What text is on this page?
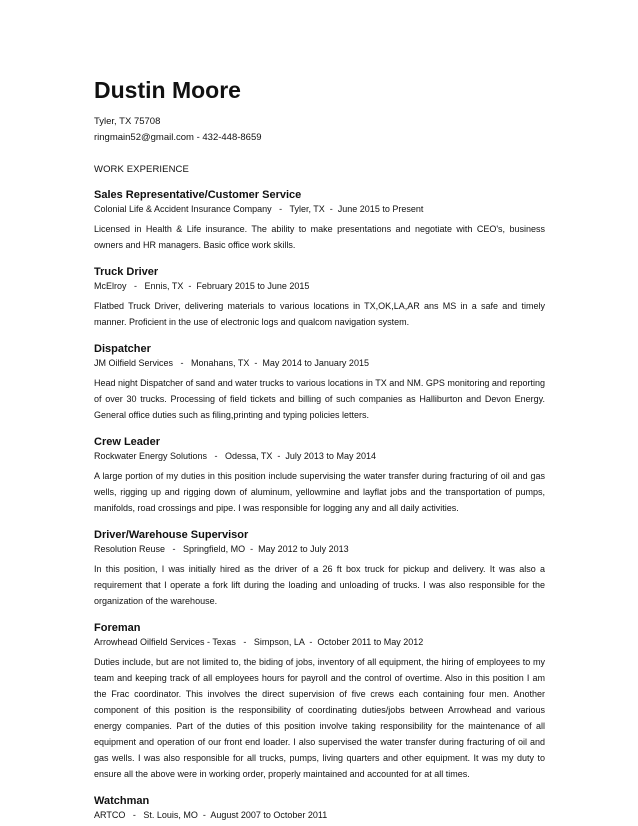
Dustin Moore
Tyler, TX 75708
ringmain52@gmail.com - 432-448-8659
WORK EXPERIENCE
Sales Representative/Customer Service
Colonial Life & Accident Insurance Company   -   Tyler, TX  -  June 2015 to Present
Licensed in Health & Life insurance. The ability to make presentations and negotiate with CEO's, business owners and HR managers. Basic office work skills.
Truck Driver
McElroy   -   Ennis, TX  -  February 2015 to June 2015
Flatbed Truck Driver, delivering materials to various locations in TX,OK,LA,AR ans MS in a safe and timely manner. Proficient in the use of electronic logs and qualcom navigation system.
Dispatcher
JM Oilfield Services   -   Monahans, TX  -  May 2014 to January 2015
Head night Dispatcher of sand and water trucks to various locations in TX and NM. GPS monitoring and reporting of over 30 trucks. Processing of field tickets and billing of such companies as Halliburton and Devon Energy. General office duties such as filing,printing and typing policies letters.
Crew Leader
Rockwater Energy Solutions   -   Odessa, TX  -  July 2013 to May 2014
A large portion of my duties in this position include supervising the water transfer during fracturing of oil and gas wells, rigging up and rigging down of aluminum, yellowmine and layflat jobs and the transportation of pumps, manifolds, road crossings and pipe. I was responsible for logging any and all daily activities.
Driver/Warehouse Supervisor
Resolution Reuse   -   Springfield, MO  -  May 2012 to July 2013
In this position, I was initially hired as the driver of a 26 ft box truck for pickup and delivery. It was also a requirement that I operate a fork lift during the loading and unloading of trucks. I was also responsible for the organization of the warehouse.
Foreman
Arrowhead Oilfield Services - Texas   -   Simpson, LA  -  October 2011 to May 2012
Duties include, but are not limited to, the biding of jobs, inventory of all equipment, the hiring of employees to my team and keeping track of all employees hours for payroll and the control of overtime. Also in this position I am the Frac coordinator. This involves the direct supervision of five crews each containing four men. Another component of this position is the responsibility of coordinating duties/jobs between Arrowhead and various energy companies. Part of the duties of this position involve taking responsibility for the maintenance of all equipment and operation of our front end loader. I also supervised the water transfer during fracturing of oil and gas wells. I was also responsible for all trucks, pumps, living quarters and other equipment. It was my duty to ensure all the above were in working order, properly maintained and accounted for at all times.
Watchman
ARTCO   -   St. Louis, MO  -  August 2007 to October 2011
